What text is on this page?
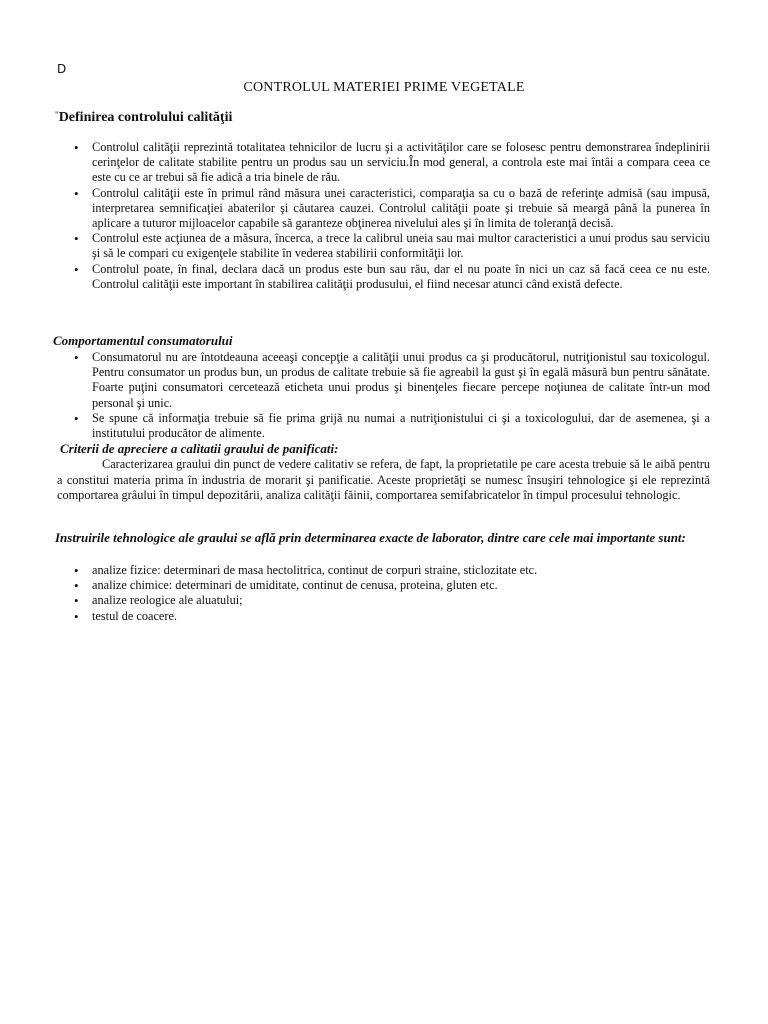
D
CONTROLUL MATERIEI PRIME VEGETALE
"Definirea controlului calităţii
• Controlul calităţii reprezintă totalitatea tehnicilor de lucru şi a activităţilor care se folosesc pentru demonstrarea îndeplinirii cerinţelor de calitate stabilite pentru un produs sau un serviciu.În mod general, a controla este mai întâi a compara ceea ce este cu ce ar trebui să fie adică a tria binele de rău.
• Controlul calităţii este în primul rând măsura unei caracteristici, comparaţia sa cu o bază de referinţe admisă (sau impusă, interpretarea semnificaţiei abaterilor şi căutarea cauzei. Controlul calităţii poate şi trebuie să meargă până la punerea în aplicare a tuturor mijloacelor capabile să garanteze obţinerea nivelului ales şi în limita de toleranţă decisă.
• Controlul este acţiunea de a măsura, încerca, a trece la calibrul uneia sau mai multor caracteristici a unui produs sau serviciu şi să le compari cu exigenţele stabilite în vederea stabilirii conformităţii lor.
• Controlul poate, în final, declara dacă un produs este bun sau rău, dar el nu poate în nici un caz să facă ceea ce nu este. Controlul calităţii este important în stabilirea calităţii produsului, el fiind necesar atunci când există defecte.
Comportamentul consumatorului
• Consumatorul nu are întotdeauna aceeaşi concepţie a calităţii unui produs ca şi producătorul, nutriţionistul sau toxicologul. Pentru consumator un produs bun, un produs de calitate trebuie să fie agreabil la gust şi în egală măsură bun pentru sănătate. Foarte puţini consumatori cercetează eticheta unui produs şi binenţeles fiecare percepe noţiunea de calitate într-un mod personal şi unic.
• Se spune că informaţia trebuie să fie prima grijă nu numai a nutriţionistului ci şi a toxicologului, dar de asemenea, şi a institutului producător de alimente.
Criterii de apreciere a calitatii graului de panificati:

Caracterizarea graului din punct de vedere calitativ se refera, de fapt, la proprietatile pe care acesta trebuie să le aibă pentru a constitui materia prima în industria de morarit şi panificatie. Aceste proprietăţi se numesc însuşiri tehnologice şi ele reprezintă comportarea grâului în timpul depozitării, analiza calităţii făinii, comportarea semifabricatelor în timpul procesului tehnologic.

Instruirile tehnologice ale graului se află prin determinarea exacte de laborator, dintre care cele mai importante sunt:
• analize fizice: determinari de masa hectolitrica, continut de corpuri straine, sticlozitate etc.
• analize chimice: determinari de umiditate, continut de cenusa, proteina, gluten etc.
• analize reologice ale aluatului;
• testul de coacere.
